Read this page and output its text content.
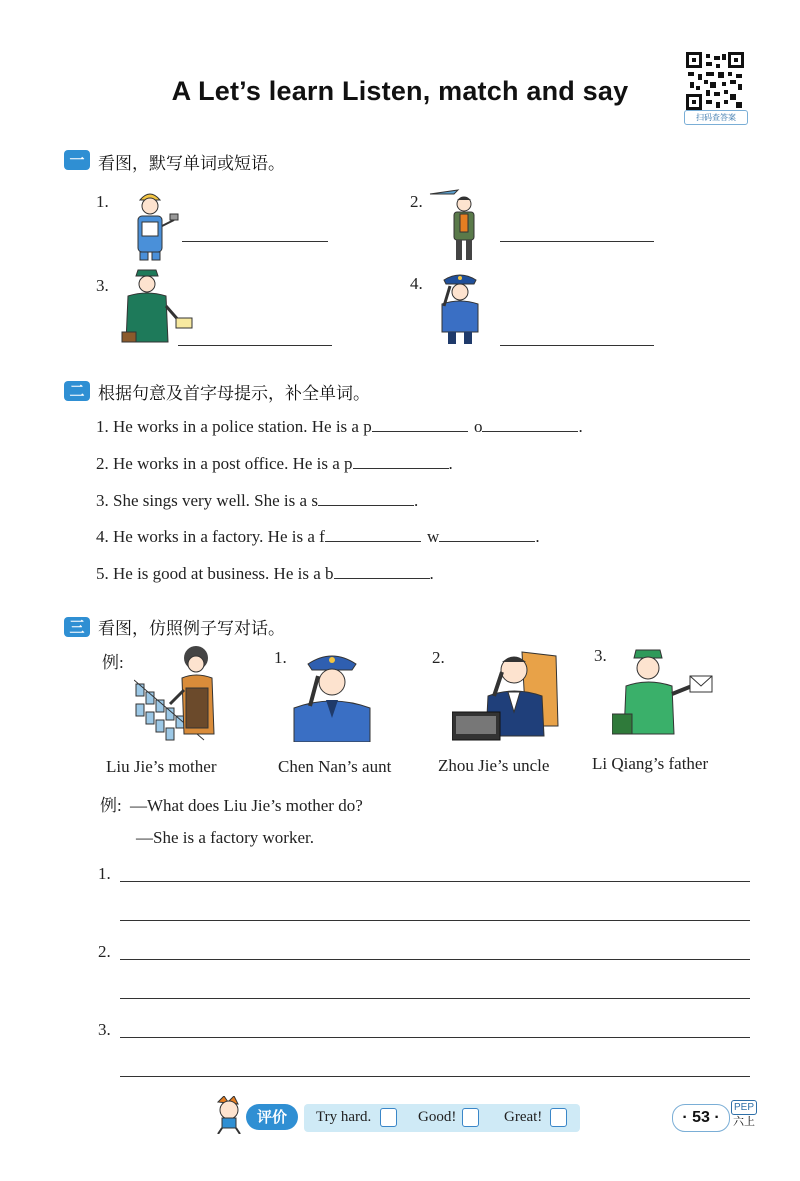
A Let’s learn Listen, match and say
扫码查答案
一 看图，默写单词或短语。
1.	2.
3.	4.
二 根据句意及首字母提示，补全单词。
1. He works in a police station. He is a p	o	.
2. He works in a post office. He is a p	.
3. She sings very well. She is a s	.
4. He works in a factory. He is a f	w	.
5. He is good at business. He is a b	.
三 看图，仿照例子写对话。
例:	1.	2.	3.
Liu Jie’s mother	Chen Nan’s aunt	Zhou Jie’s uncle	Li Qiang’s father
例: —What does Liu Jie’s mother do?
—She is a factory worker.
1.
2.
3.
评价	Try hard.	Good!	Great!	· 53 ·
PEP
六上
